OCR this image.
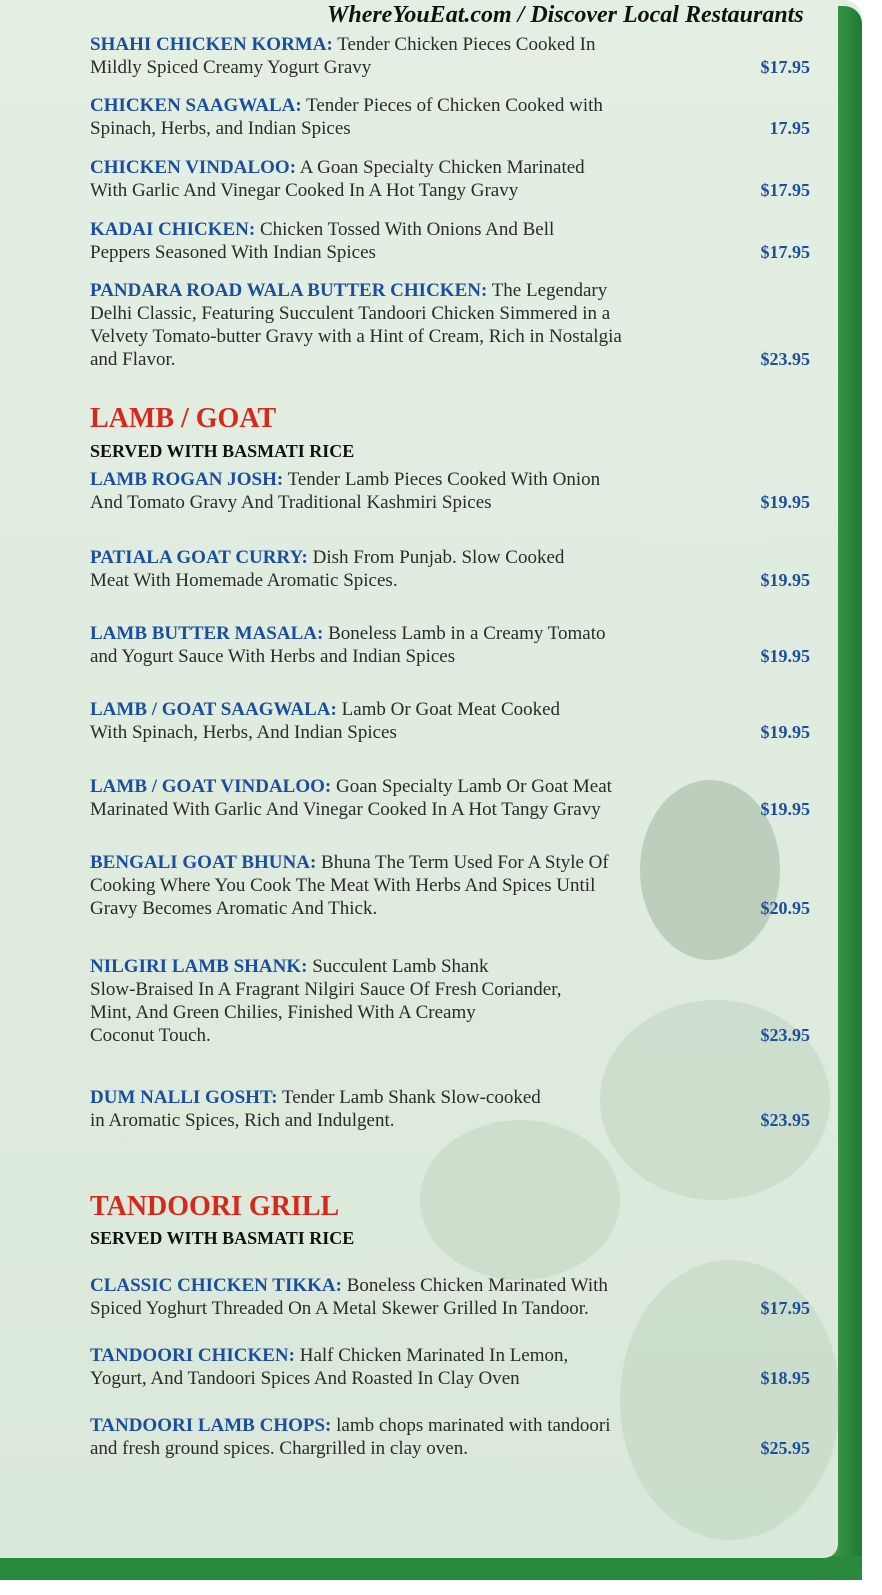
SHAHI CHICKEN KORMA: Tender Chicken Pieces Cooked In
Mildly Spiced Creamy Yogurt Gravy	$17.95
CHICKEN SAAGWALA: Tender Pieces of Chicken Cooked with
Spinach, Herbs, and Indian Spices	17.95
CHICKEN VINDALOO: A Goan Specialty Chicken Marinated
With Garlic And Vinegar Cooked In A Hot Tangy Gravy	$17.95
KADAI CHICKEN: Chicken Tossed With Onions And Bell
Peppers Seasoned With Indian Spices	$17.95
PANDARA ROAD WALA BUTTER CHICKEN: The Legendary
Delhi Classic, Featuring Succulent Tandoori Chicken Simmered in a
Velvety Tomato-butter Gravy with a Hint of Cream, Rich in Nostalgia
and Flavor.	$23.95
LAMB / GOAT
SERVED WITH BASMATI RICE
LAMB ROGAN JOSH: Tender Lamb Pieces Cooked With Onion
And Tomato Gravy And Traditional Kashmiri Spices	$19.95
PATIALA GOAT CURRY: Dish From Punjab. Slow Cooked
Meat With Homemade Aromatic Spices.	$19.95
LAMB BUTTER MASALA: Boneless Lamb in a Creamy Tomato
and Yogurt Sauce With Herbs and Indian Spices	$19.95
LAMB / GOAT SAAGWALA: Lamb Or Goat Meat Cooked
With Spinach, Herbs, And Indian Spices	$19.95
LAMB / GOAT VINDALOO: Goan Specialty Lamb Or Goat Meat
Marinated With Garlic And Vinegar Cooked In A Hot Tangy Gravy	$19.95
BENGALI GOAT BHUNA: Bhuna The Term Used For A Style Of
Cooking Where You Cook The Meat With Herbs And Spices Until
Gravy Becomes Aromatic And Thick.	$20.95
NILGIRI LAMB SHANK: Succulent Lamb Shank
Slow-Braised In A Fragrant Nilgiri Sauce Of Fresh Coriander,
Mint, And Green Chilies, Finished With A Creamy
Coconut Touch.	$23.95
DUM NALLI GOSHT: Tender Lamb Shank Slow-cooked
in Aromatic Spices, Rich and Indulgent.	$23.95
TANDOORI GRILL
SERVED WITH BASMATI RICE
CLASSIC CHICKEN TIKKA: Boneless Chicken Marinated With
Spiced Yoghurt Threaded On A Metal Skewer Grilled In Tandoor.	$17.95
TANDOORI CHICKEN: Half Chicken Marinated In Lemon,
Yogurt, And Tandoori Spices And Roasted In Clay Oven	$18.95
TANDOORI LAMB CHOPS: lamb chops marinated with tandoori
and fresh ground spices. Chargrilled in clay oven.	$25.95
WhereYouEat.com / Discover Local Restaurants
